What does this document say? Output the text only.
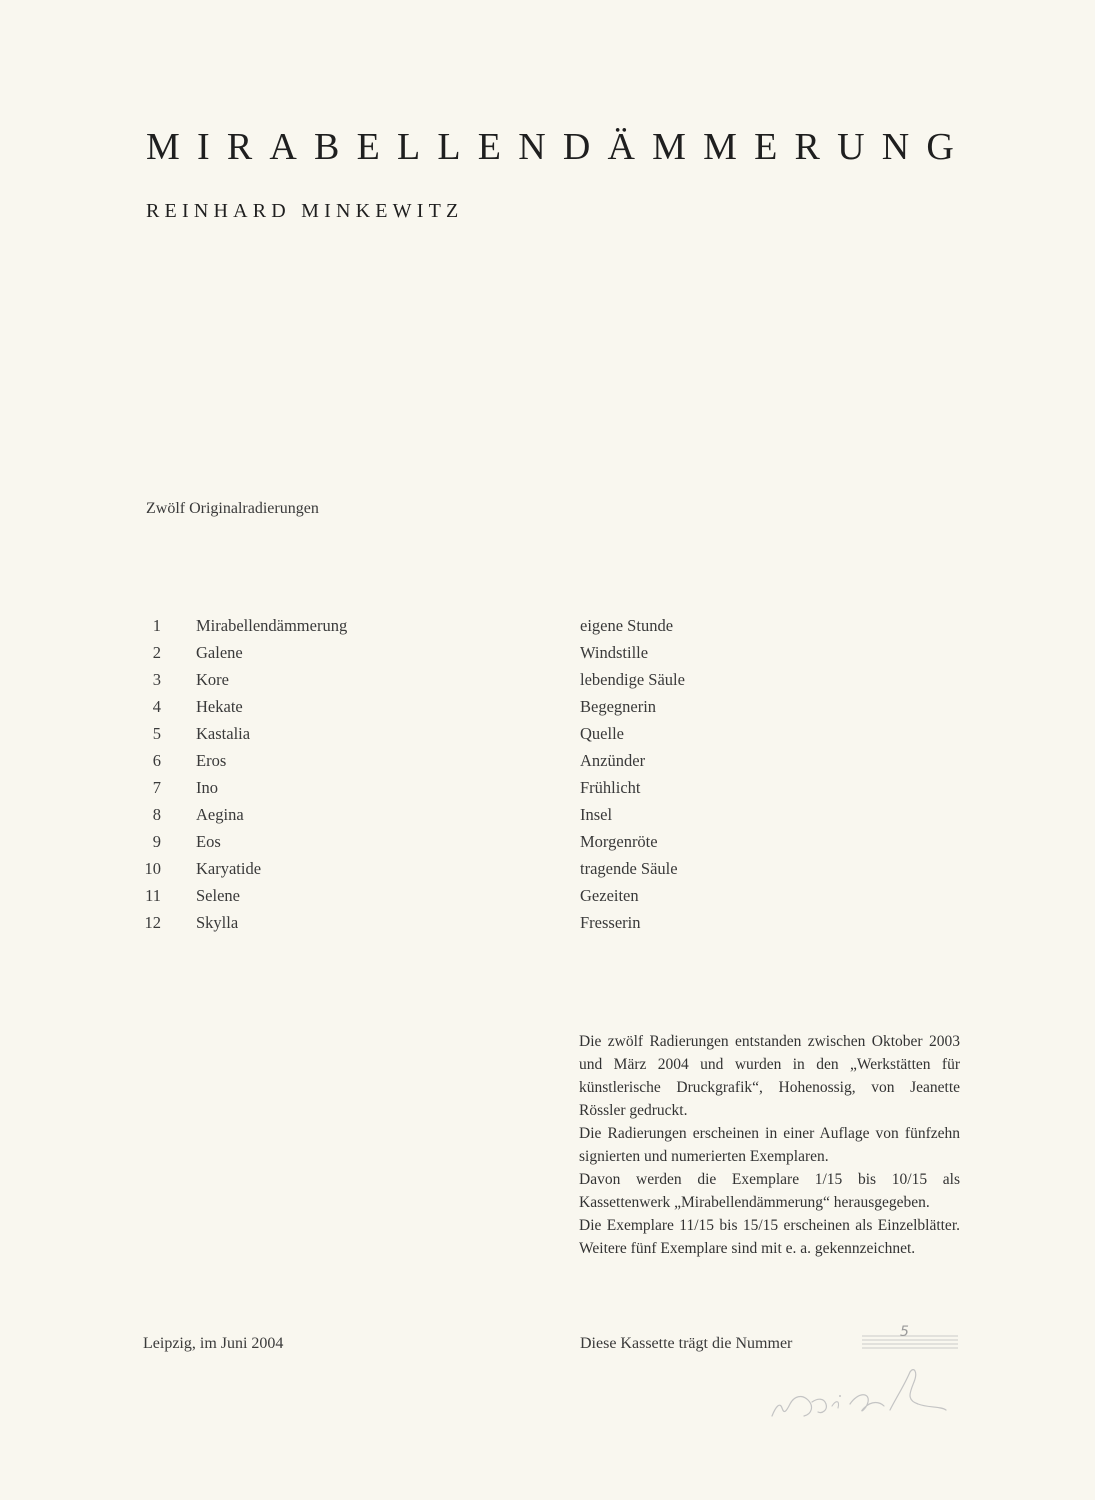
MIRABELLENDÄMMERUNG
REINHARD MINKEWITZ
Zwölf Originalradierungen
1 Mirabellendämmerung	eigene Stunde
2 Galene	Windstille
3 Kore	lebendige Säule
4 Hekate	Begegnerin
5 Kastalia	Quelle
6 Eros	Anzünder
7 Ino	Frühlicht
8 Aegina	Insel
9 Eos	Morgenröte
10 Karyatide	tragende Säule
11 Selene	Gezeiten
12 Skylla	Fresserin

Die zwölf Radierungen entstanden zwischen Oktober 2003 und März 2004 und wurden in den „Werkstätten für künstlerische Druckgrafik“, Hohenossig, von Jeanette Rössler gedruckt.

Die Radierungen erscheinen in einer Auflage von fünfzehn signierten und numerierten Exemplaren.

Davon werden die Exemplare 1/15 bis 10/15 als Kassettenwerk „Mirabellendämmerung“ herausgegeben.

Die Exemplare 11/15 bis 15/15 erscheinen als Einzelblätter. Weitere fünf Exemplare sind mit e. a. gekennzeichnet.

Leipzig, im Juni 2004	Diese Kassette trägt die Nummer
5
